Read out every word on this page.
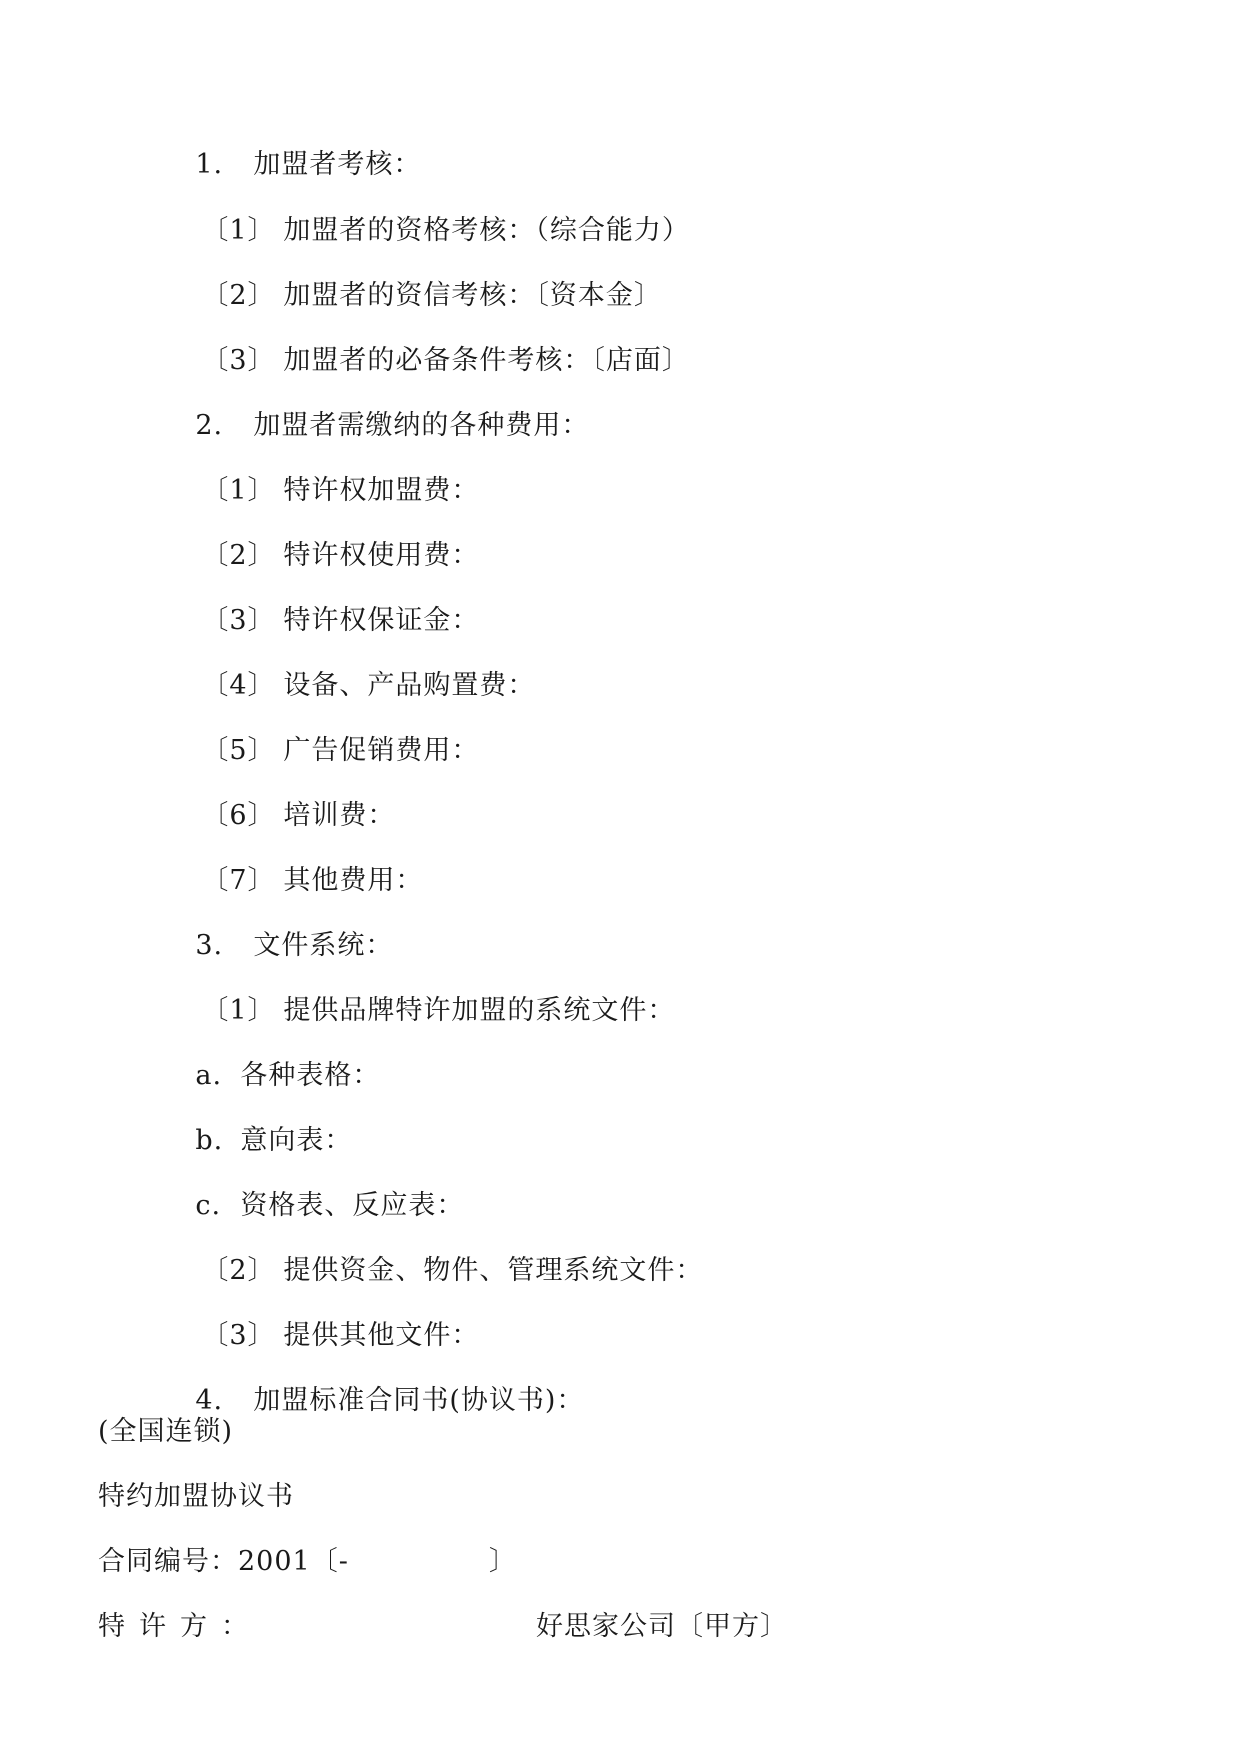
1. 加盟者考核：

〔1〕 加盟者的资格考核：（综合能力）

〔2〕 加盟者的资信考核：〔资本金〕

〔3〕 加盟者的必备条件考核：〔店面〕

2. 加盟者需缴纳的各种费用：

〔1〕 特许权加盟费：

〔2〕 特许权使用费：

〔3〕 特许权保证金：

〔4〕 设备、产品购置费：

〔5〕 广告促销费用：

〔6〕 培训费：

〔7〕 其他费用：

3. 文件系统：

〔1〕 提供品牌特许加盟的系统文件：

a. 各种表格：

b. 意向表：

c. 资格表、反应表：

〔2〕 提供资金、物件、管理系统文件：

〔3〕 提供其他文件：

4. 加盟标准合同书(协议书)：

(全国连锁)
特约加盟协议书
合同编号：2001〔-　　　　　〕
特许方：	好思家公司〔甲方〕
